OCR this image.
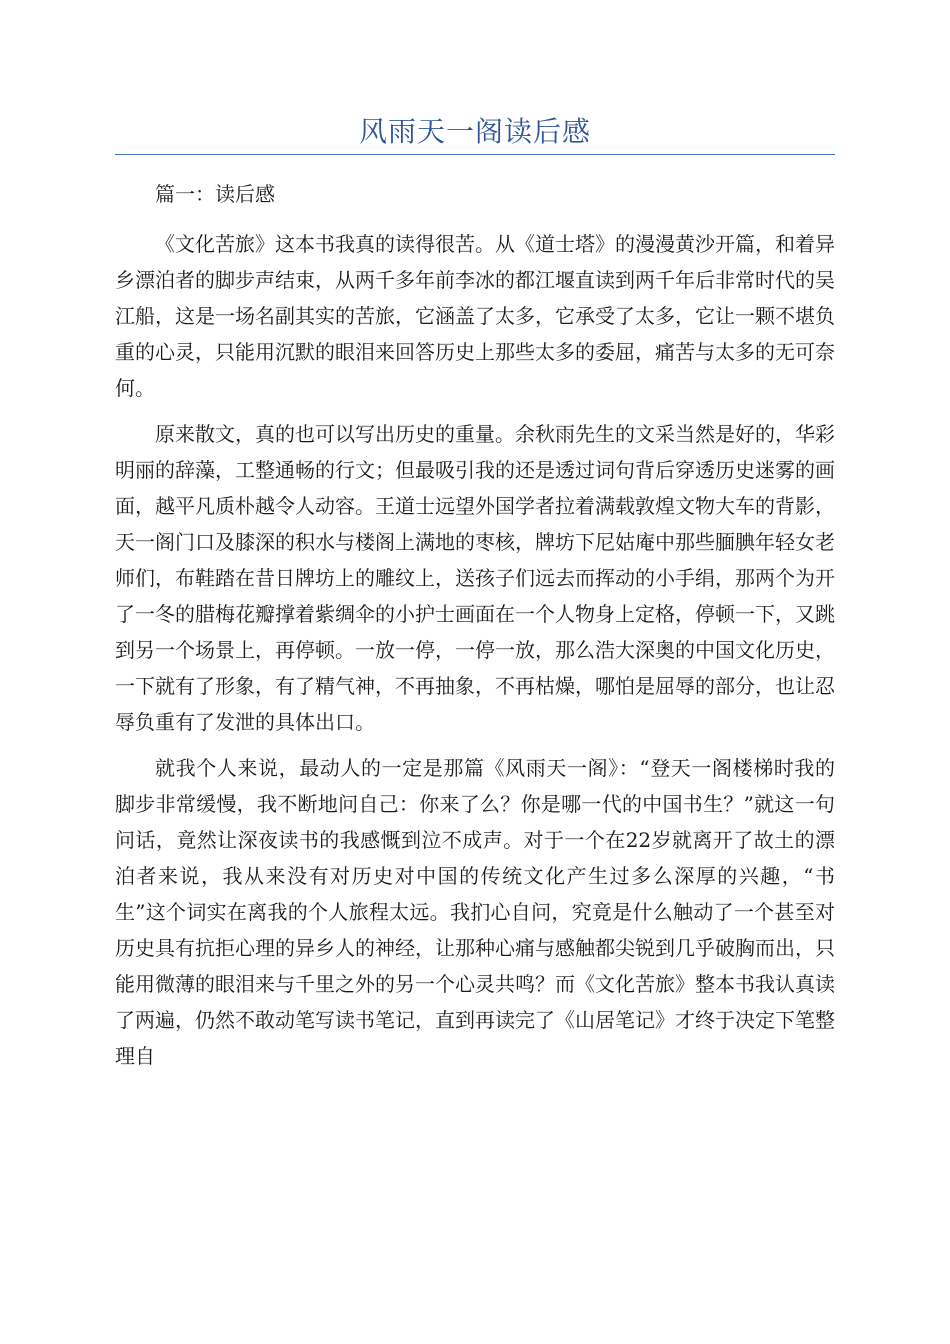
风雨天一阁读后感

篇一：读后感

《文化苦旅》这本书我真的读得很苦。从《道士塔》的漫漫黄沙开篇，和着异乡漂泊者的脚步声结束，从两千多年前李冰的都江堰直读到两千年后非常时代的吴江船，这是一场名副其实的苦旅，它涵盖了太多，它承受了太多，它让一颗不堪负重的心灵，只能用沉默的眼泪来回答历史上那些太多的委屈，痛苦与太多的无可奈何。

原来散文，真的也可以写出历史的重量。余秋雨先生的文采当然是好的，华彩明丽的辞藻，工整通畅的行文；但最吸引我的还是透过词句背后穿透历史迷雾的画面，越平凡质朴越令人动容。王道士远望外国学者拉着满载敦煌文物大车的背影，天一阁门口及膝深的积水与楼阁上满地的枣核，牌坊下尼姑庵中那些腼腆年轻女老师们，布鞋踏在昔日牌坊上的雕纹上，送孩子们远去而挥动的小手绢，那两个为开了一冬的腊梅花瓣撑着紫绸伞的小护士画面在一个人物身上定格，停顿一下，又跳到另一个场景上，再停顿。一放一停，一停一放，那么浩大深奥的中国文化历史，一下就有了形象，有了精气神，不再抽象，不再枯燥，哪怕是屈辱的部分，也让忍辱负重有了发泄的具体出口。

就我个人来说，最动人的一定是那篇《风雨天一阁》：“登天一阁楼梯时我的脚步非常缓慢，我不断地问自己：你来了么？你是哪一代的中国书生？”就这一句问话，竟然让深夜读书的我感慨到泣不成声。对于一个在22岁就离开了故土的漂泊者来说，我从来没有对历史对中国的传统文化产生过多么深厚的兴趣，“书生”这个词实在离我的个人旅程太远。我扪心自问，究竟是什么触动了一个甚至对历史具有抗拒心理的异乡人的神经，让那种心痛与感触都尖锐到几乎破胸而出，只能用微薄的眼泪来与千里之外的另一个心灵共鸣？而《文化苦旅》整本书我认真读了两遍，仍然不敢动笔写读书笔记，直到再读完了《山居笔记》才终于决定下笔整理自
